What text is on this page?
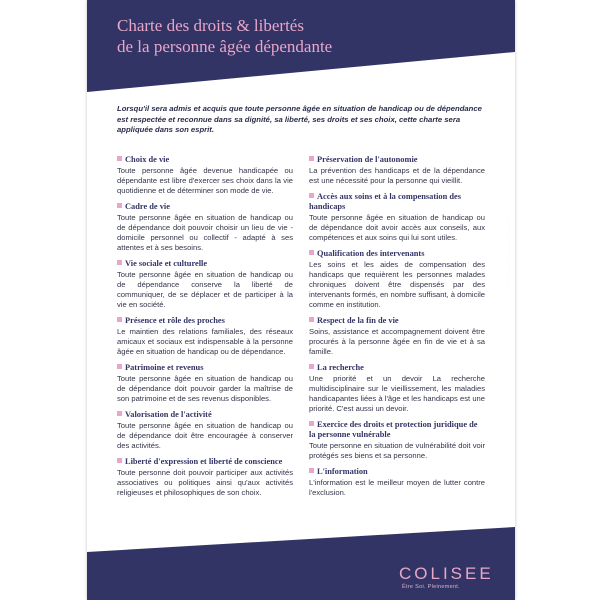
Charte des droits & libertés
de la personne âgée dépendante

Lorsqu'il sera admis et acquis que toute personne âgée en situation de handicap ou de dépendance est respectée et reconnue dans sa dignité, sa liberté, ses droits et ses choix, cette charte sera appliquée dans son esprit.

Choix de vie
Toute personne âgée devenue handicapée ou dépendante est libre d'exercer ses choix dans la vie quotidienne et de déterminer son mode de vie.
Cadre de vie
Toute personne âgée en situation de handicap ou de dépendance doit pouvoir choisir un lieu de vie - domicile personnel ou collectif - adapté à ses attentes et à ses besoins.
Vie sociale et culturelle
Toute personne âgée en situation de handicap ou de dépendance conserve la liberté de communiquer, de se déplacer et de participer à la vie en société.
Présence et rôle des proches
Le maintien des relations familiales, des réseaux amicaux et sociaux est indispensable à la personne âgée en situation de handicap ou de dépendance.
Patrimoine et revenus
Toute personne âgée en situation de handicap ou de dépendance doit pouvoir garder la maîtrise de son patrimoine et de ses revenus disponibles.
Valorisation de l'activité
Toute personne âgée en situation de handicap ou de dépendance doit être encouragée à conserver des activités.
Liberté d'expression et liberté de conscience
Toute personne doit pouvoir participer aux activités associatives ou politiques ainsi qu'aux activités religieuses et philosophiques de son choix.
Préservation de l'autonomie
La prévention des handicaps et de la dépendance est une nécessité pour la personne qui vieillit.
Accès aux soins et à la compensation des handicaps
Toute personne âgée en situation de handicap ou de dépendance doit avoir accès aux conseils, aux compétences et aux soins qui lui sont utiles.
Qualification des intervenants
Les soins et les aides de compensation des handicaps que requièrent les personnes malades chroniques doivent être dispensés par des intervenants formés, en nombre suffisant, à domicile comme en institution.
Respect de la fin de vie
Soins, assistance et accompagnement doivent être procurés à la personne âgée en fin de vie et à sa famille.
La recherche
Une priorité et un devoir La recherche multidisciplinaire sur le vieillissement, les maladies handicapantes liées à l'âge et les handicaps est une priorité. C'est aussi un devoir.
Exercice des droits et protection juridique de la personne vulnérable
Toute personne en situation de vulnérabilité doit voir protégés ses biens et sa personne.
L'information
L'information est le meilleur moyen de lutter contre l'exclusion.
· · · · · · · · · · · · · · · · · · · · · · · · · · · · · · · · · · · ·
COLISEE
Être Soi. Pleinement.
